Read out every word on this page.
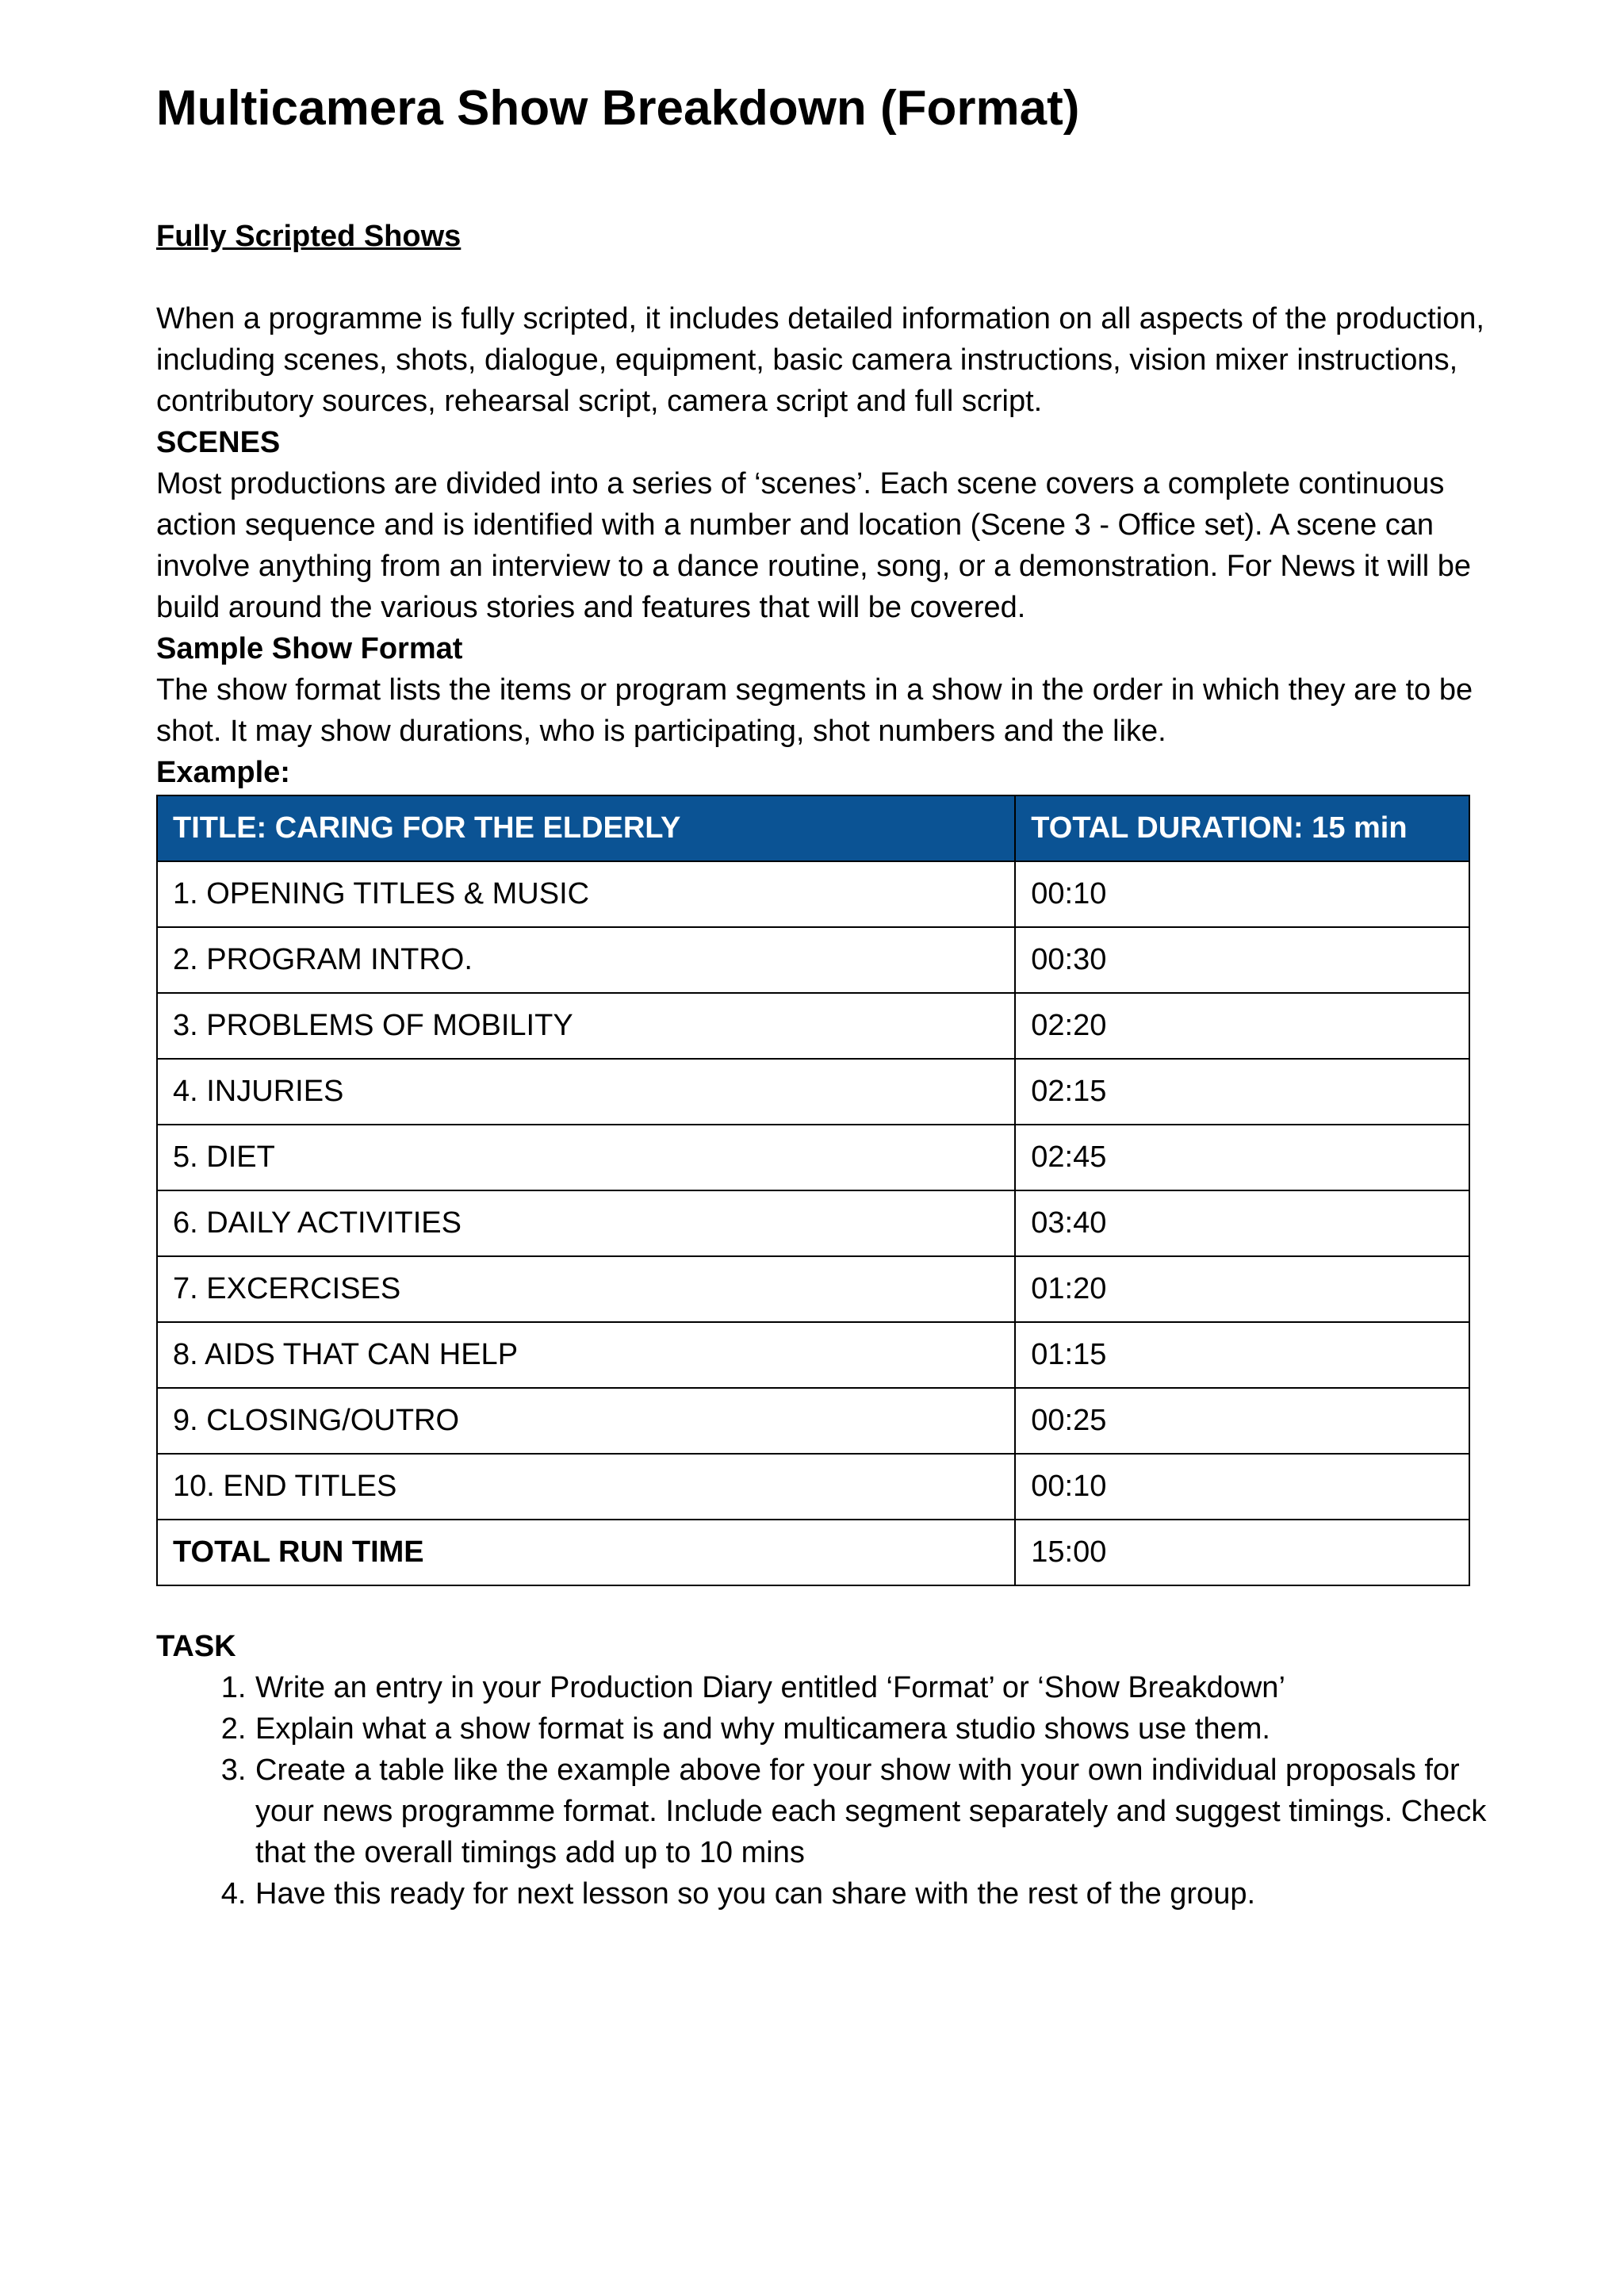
Multicamera Show Breakdown (Format)
Fully Scripted Shows

When a programme is fully scripted, it includes detailed information on all aspects of the production, including scenes, shots, dialogue, equipment, basic camera instructions, vision mixer instructions, contributory sources, rehearsal script, camera script and full script.

SCENES

Most productions are divided into a series of ‘scenes’. Each scene covers a complete continuous action sequence and is identified with a number and location (Scene 3 - Office set). A scene can involve anything from an interview to a dance routine, song, or a demonstration. For News it will be build around the various stories and features that will be covered.

Sample Show Format

The show format lists the items or program segments in a show in the order in which they are to be shot. It may show durations, who is participating, shot numbers and the like.

Example:
TITLE: CARING FOR THE ELDERLY	TOTAL DURATION: 15 min
1. OPENING TITLES & MUSIC	00:10
2. PROGRAM INTRO.	00:30
3. PROBLEMS OF MOBILITY	02:20
4. INJURIES	02:15
5. DIET	02:45
6. DAILY ACTIVITIES	03:40
7. EXCERCISES	01:20
8. AIDS THAT CAN HELP	01:15
9. CLOSING/OUTRO	00:25
10. END TITLES	00:10
TOTAL RUN TIME	15:00
TASK
1. Write an entry in your Production Diary entitled ‘Format’ or ‘Show Breakdown’
2. Explain what a show format is and why multicamera studio shows use them.
3. Create a table like the example above for your show with your own individual proposals for your news programme format. Include each segment separately and suggest timings. Check that the overall timings add up to 10 mins
4. Have this ready for next lesson so you can share with the rest of the group.
